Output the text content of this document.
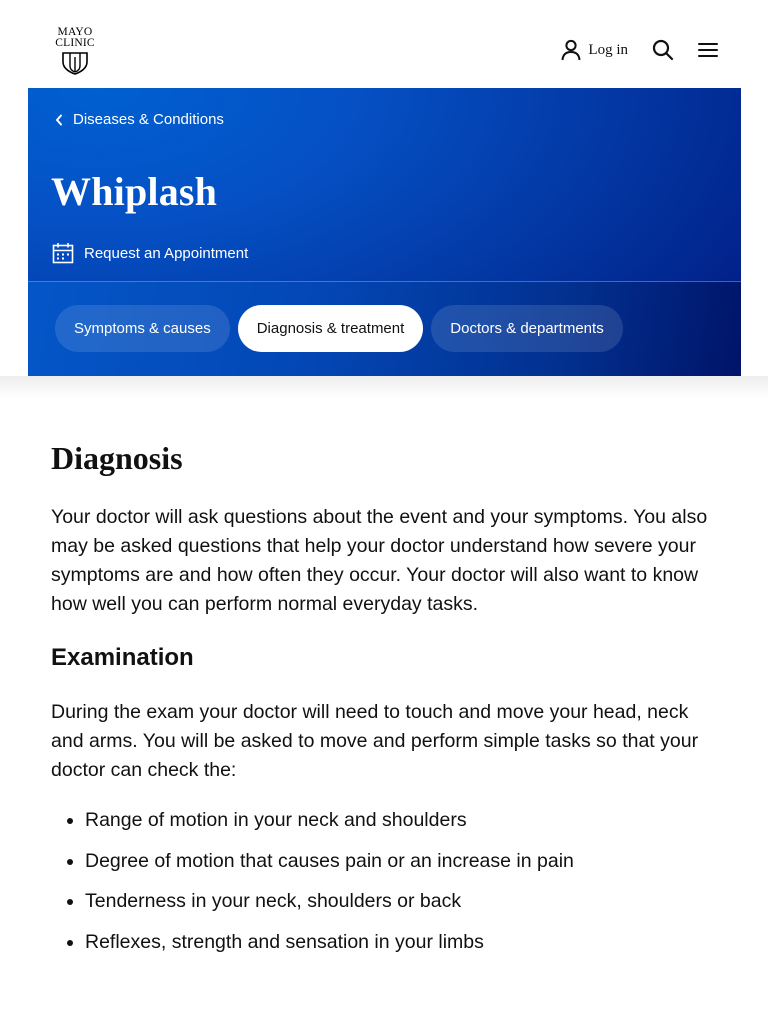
MAYO
CLINIC	Log in
Diseases & Conditions
Whiplash
Request an Appointment
Symptoms & causes	Diagnosis & treatment	Doctors & departments
Diagnosis

Your doctor will ask questions about the event and your symptoms. You also may be asked questions that help your doctor understand how severe your symptoms are and how often they occur. Your doctor will also want to know how well you can perform normal everyday tasks.

Examination

During the exam your doctor will need to touch and move your head, neck and arms. You will be asked to move and perform simple tasks so that your doctor can check the:

Range of motion in your neck and shoulders
Degree of motion that causes pain or an increase in pain
Tenderness in your neck, shoulders or back
Reflexes, strength and sensation in your limbs
